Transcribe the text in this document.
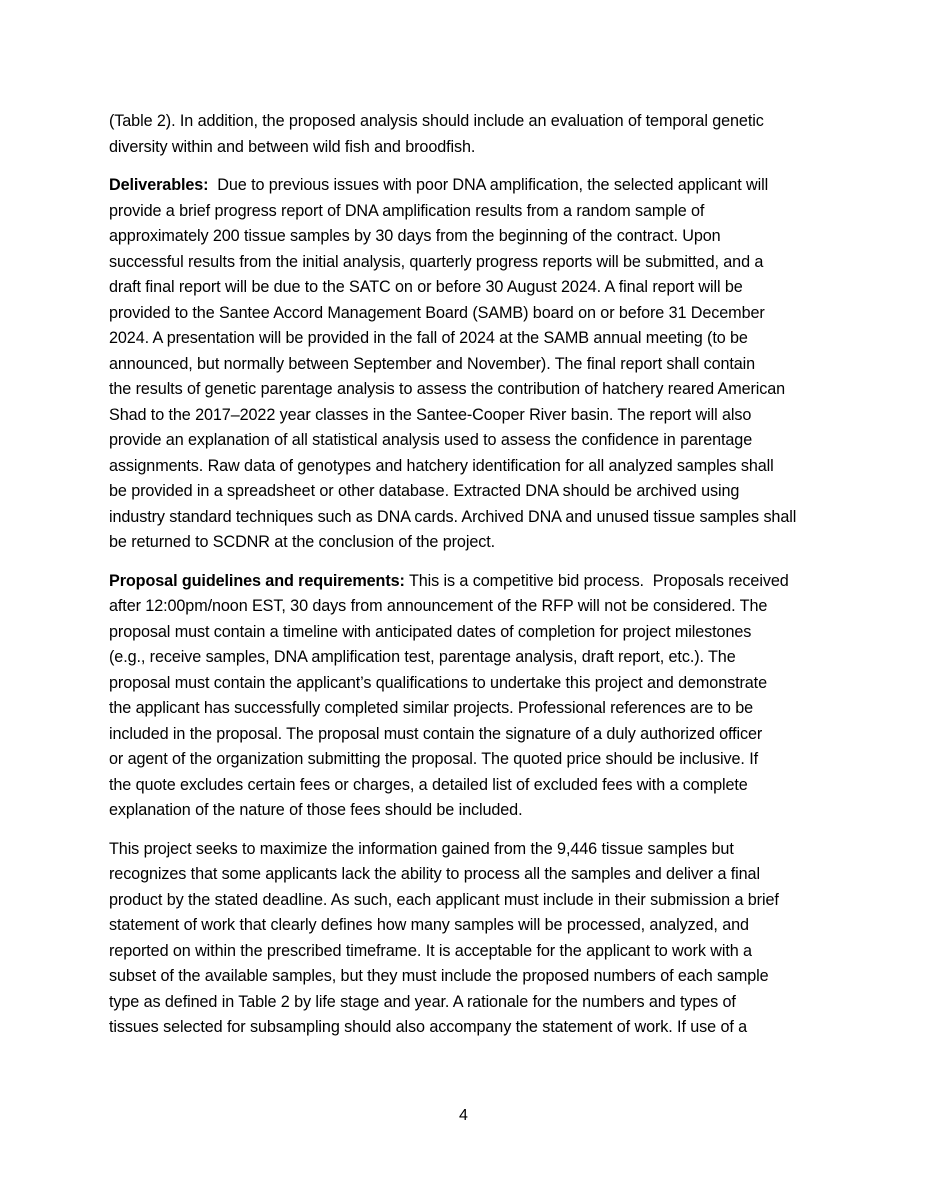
(Table 2). In addition, the proposed analysis should include an evaluation of temporal genetic
diversity within and between wild fish and broodfish.
Deliverables:  Due to previous issues with poor DNA amplification, the selected applicant will
provide a brief progress report of DNA amplification results from a random sample of
approximately 200 tissue samples by 30 days from the beginning of the contract. Upon
successful results from the initial analysis, quarterly progress reports will be submitted, and a
draft final report will be due to the SATC on or before 30 August 2024. A final report will be
provided to the Santee Accord Management Board (SAMB) board on or before 31 December
2024. A presentation will be provided in the fall of 2024 at the SAMB annual meeting (to be
announced, but normally between September and November). The final report shall contain
the results of genetic parentage analysis to assess the contribution of hatchery reared American
Shad to the 2017–2022 year classes in the Santee-Cooper River basin. The report will also
provide an explanation of all statistical analysis used to assess the confidence in parentage
assignments. Raw data of genotypes and hatchery identification for all analyzed samples shall
be provided in a spreadsheet or other database. Extracted DNA should be archived using
industry standard techniques such as DNA cards. Archived DNA and unused tissue samples shall
be returned to SCDNR at the conclusion of the project.
Proposal guidelines and requirements: This is a competitive bid process.  Proposals received
after 12:00pm/noon EST, 30 days from announcement of the RFP will not be considered. The
proposal must contain a timeline with anticipated dates of completion for project milestones
(e.g., receive samples, DNA amplification test, parentage analysis, draft report, etc.). The
proposal must contain the applicant’s qualifications to undertake this project and demonstrate
the applicant has successfully completed similar projects. Professional references are to be
included in the proposal. The proposal must contain the signature of a duly authorized officer
or agent of the organization submitting the proposal. The quoted price should be inclusive. If
the quote excludes certain fees or charges, a detailed list of excluded fees with a complete
explanation of the nature of those fees should be included.
This project seeks to maximize the information gained from the 9,446 tissue samples but
recognizes that some applicants lack the ability to process all the samples and deliver a final
product by the stated deadline. As such, each applicant must include in their submission a brief
statement of work that clearly defines how many samples will be processed, analyzed, and
reported on within the prescribed timeframe. It is acceptable for the applicant to work with a
subset of the available samples, but they must include the proposed numbers of each sample
type as defined in Table 2 by life stage and year. A rationale for the numbers and types of
tissues selected for subsampling should also accompany the statement of work. If use of a
4
